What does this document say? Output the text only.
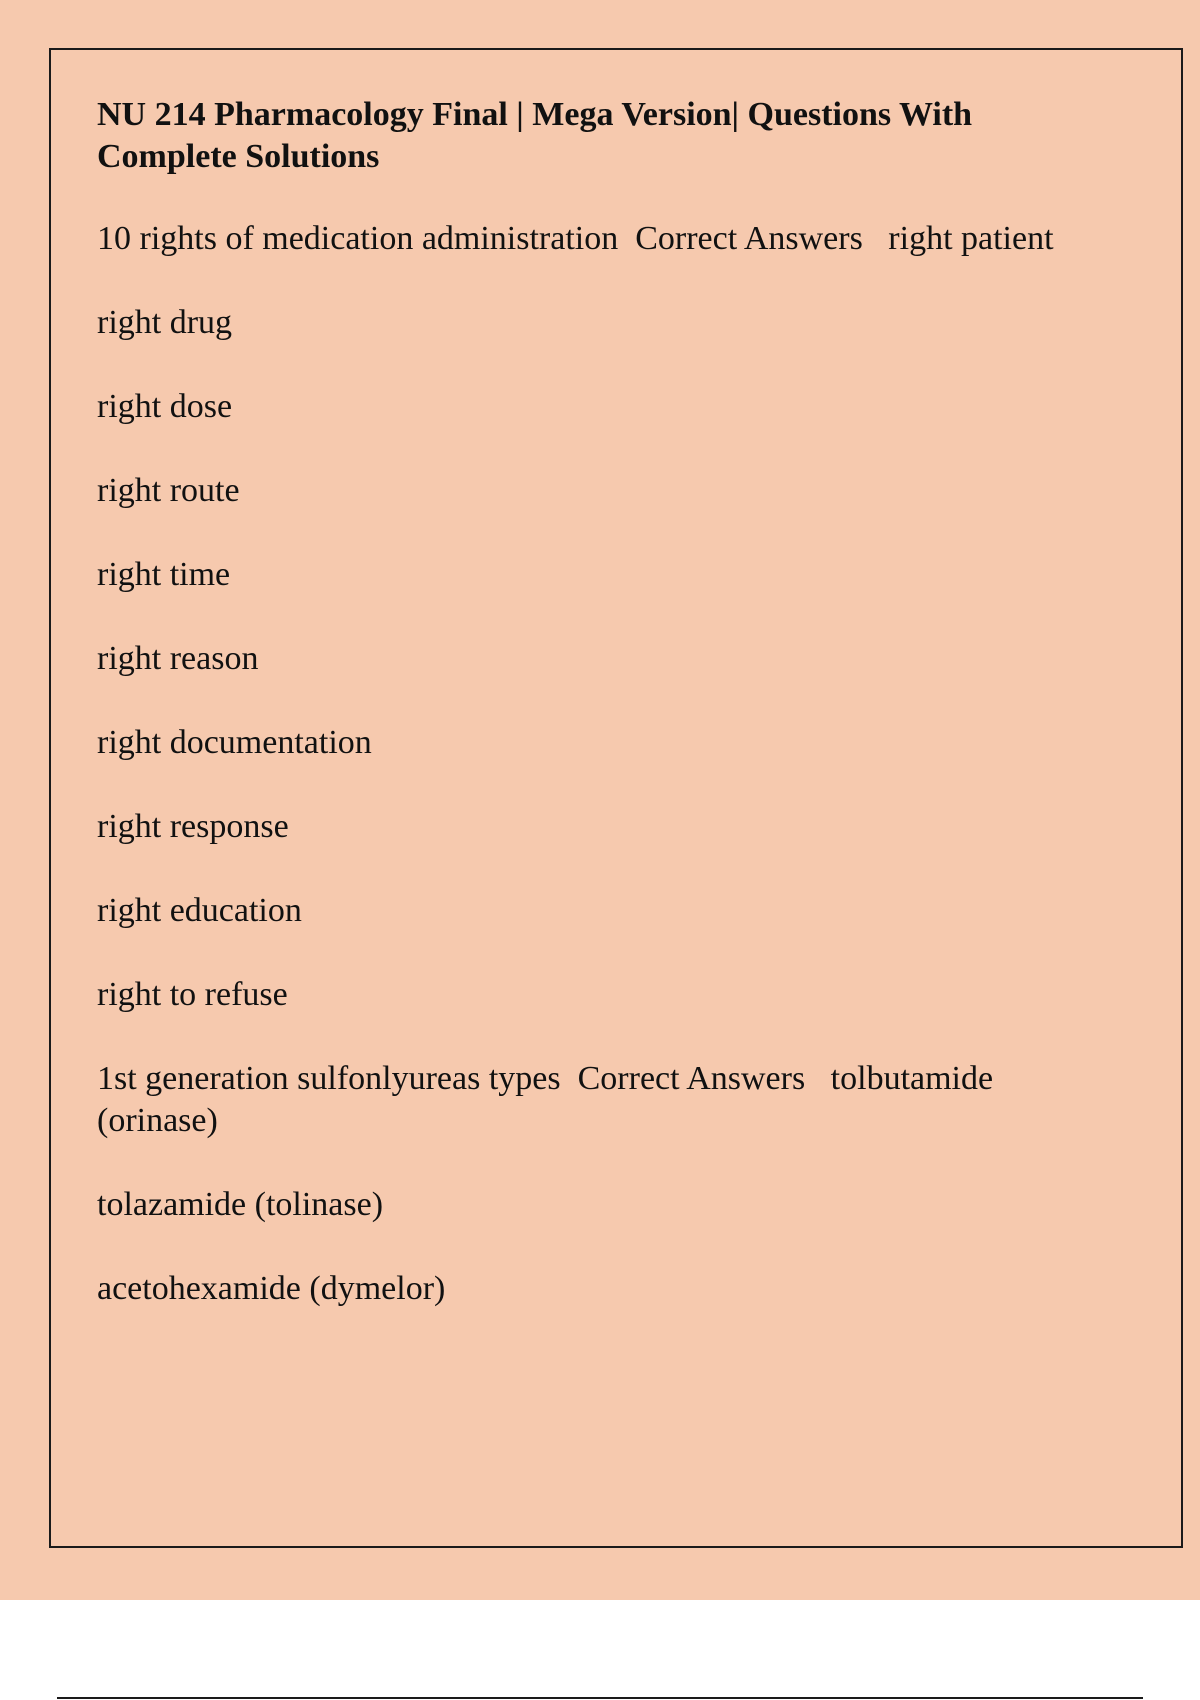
NU 214 Pharmacology Final | Mega Version| Questions With Complete Solutions

10 rights of medication administration  Correct Answers   right patient

right drug

right dose

right route

right time

right reason

right documentation

right response

right education

right to refuse

1st generation sulfonlyureas types  Correct Answers   tolbutamide (orinase)

tolazamide (tolinase)

acetohexamide (dymelor)
